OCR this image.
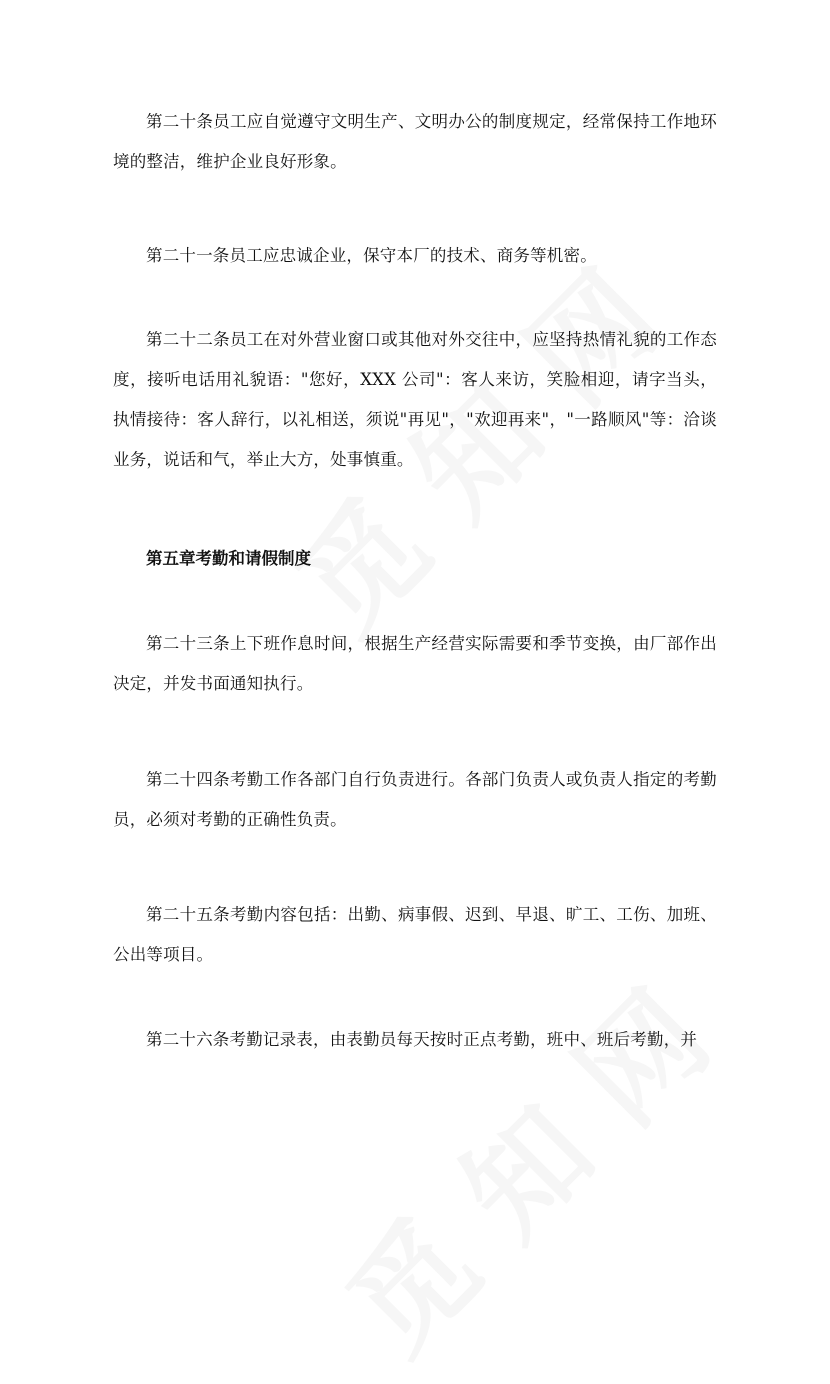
第二十条员工应自觉遵守文明生产、文明办公的制度规定，经常保持工作地环境的整洁，维护企业良好形象。

第二十一条员工应忠诚企业，保守本厂的技术、商务等机密。

第二十二条员工在对外营业窗口或其他对外交往中，应坚持热情礼貌的工作态度，接听电话用礼貌语："您好，XXX 公司"：客人来访，笑脸相迎，请字当头，执情接待：客人辞行，以礼相送，须说"再见"，"欢迎再来"，"一路顺风"等：洽谈业务，说话和气，举止大方，处事慎重。

第五章考勤和请假制度

第二十三条上下班作息时间，根据生产经营实际需要和季节变换，由厂部作出决定，并发书面通知执行。

第二十四条考勤工作各部门自行负责进行。各部门负责人或负责人指定的考勤员，必须对考勤的正确性负责。

第二十五条考勤内容包括：出勤、病事假、迟到、早退、旷工、工伤、加班、公出等项目。

第二十六条考勤记录表，由表勤员每天按时正点考勤，班中、班后考勤，并
